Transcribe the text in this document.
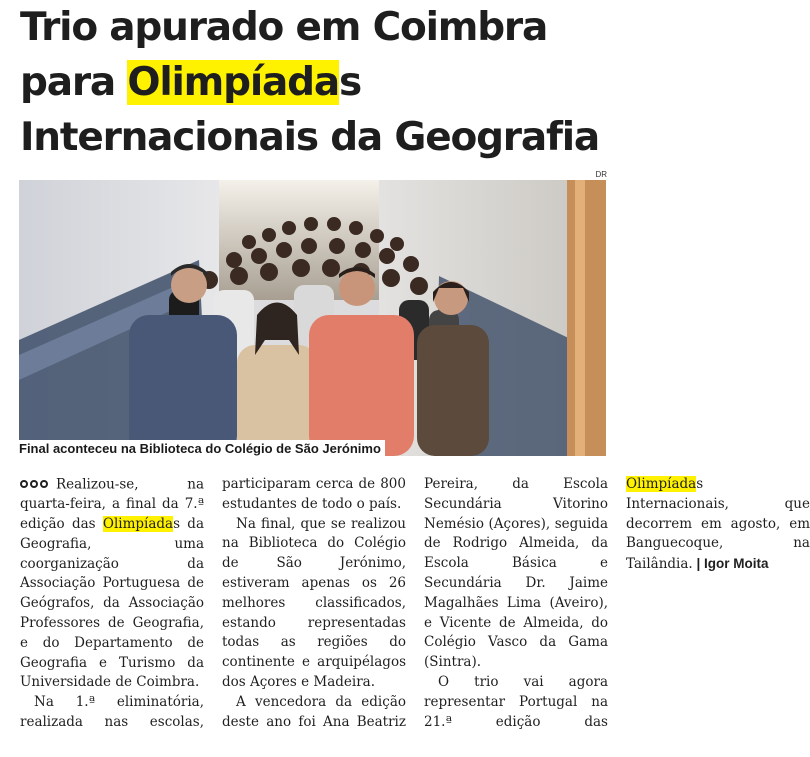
Trio apurado em Coimbra
para Olimpíadas
Internacionais da Geografia
DR
Final aconteceu na Biblioteca do Colégio de São Jerónimo

Realizou-se, na quarta-feira, a final da 7.ª edição das Olimpíadas da Geografia, uma coorganização da Associação Portuguesa de Geógrafos, da Associação Professores de Geografia, e do Departamento de Geografia e Turismo da Universidade de Coimbra.

Na 1.ª eliminatória, realizada nas escolas, participaram cerca de 800 estudantes de todo o país.

Na final, que se realizou na Biblioteca do Colégio de São Jerónimo, estiveram apenas os 26 melhores classificados, estando representadas todas as regiões do continente e arquipélagos dos Açores e Madeira.

A vencedora da edição deste ano foi Ana Beatriz Pereira, da Escola Secundária Vitorino Nemésio (Açores), seguida de Rodrigo Almeida, da Escola Básica e Secundária Dr. Jaime Magalhães Lima (Aveiro), e Vicente de Almeida, do Colégio Vasco da Gama (Sintra).

O trio vai agora representar Portugal na 21.ª edição das Olimpíadas Internacionais, que decorrem em agosto, em Banguecoque, na Tailândia. | Igor Moita
